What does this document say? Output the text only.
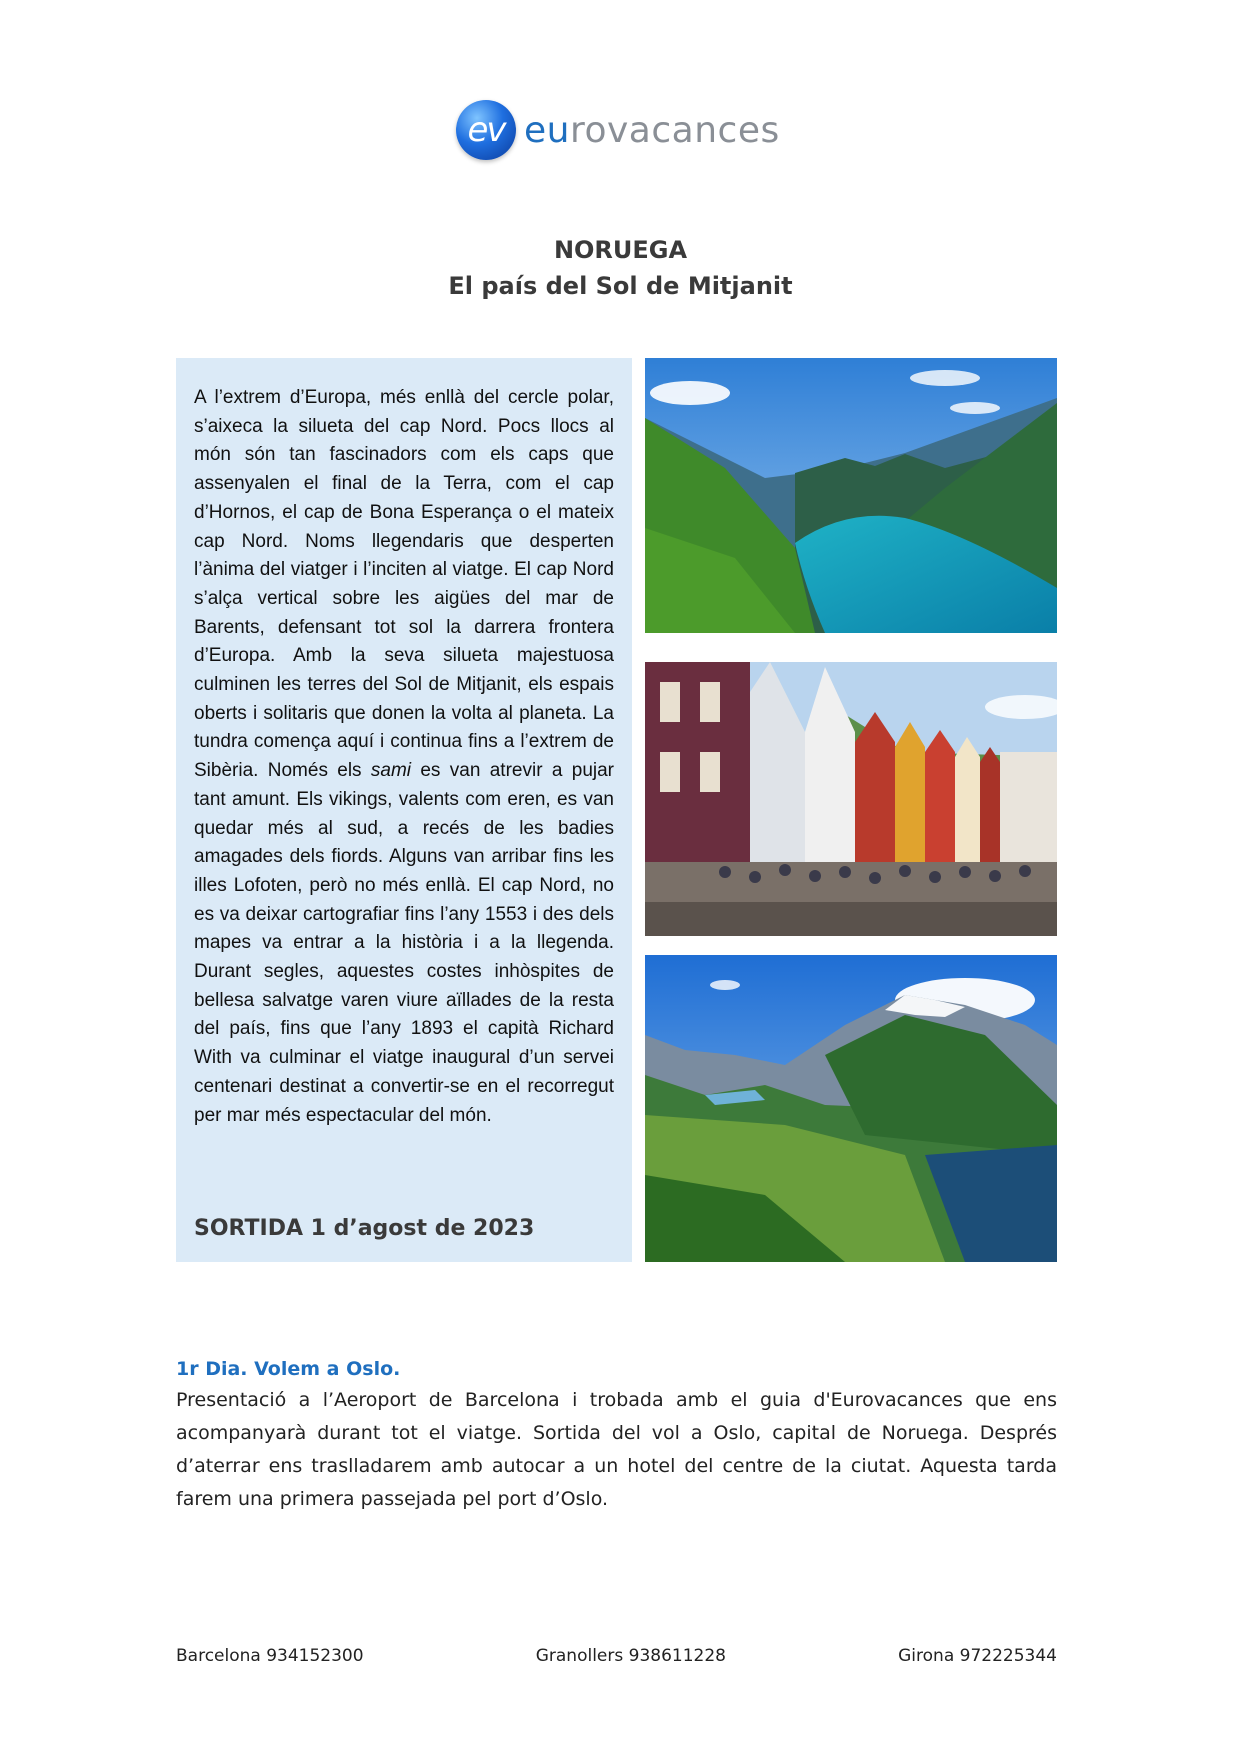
ev eurovacances
NORUEGA
El país del Sol de Mitjanit
A l’extrem d’Europa, més enllà del cercle polar, s’aixeca la silueta del cap Nord. Pocs llocs al món són tan fascinadors com els caps que assenyalen el final de la Terra, com el cap d’Hornos, el cap de Bona Esperança o el mateix cap Nord. Noms llegendaris que desperten l’ànima del viatger i l’inciten al viatge. El cap Nord s’alça vertical sobre les aigües del mar de Barents, defensant tot sol la darrera frontera d’Europa. Amb la seva silueta majestuosa culminen les terres del Sol de Mitjanit, els espais oberts i solitaris que donen la volta al planeta. La tundra comença aquí i continua fins a l’extrem de Sibèria. Només els sami es van atrevir a pujar tant amunt. Els vikings, valents com eren, es van quedar més al sud, a recés de les badies amagades dels fiords. Alguns van arribar fins les illes Lofoten, però no més enllà. El cap Nord, no es va deixar cartografiar fins l’any 1553 i des dels mapes va entrar a la història i a la llegenda. Durant segles, aquestes costes inhòspites de bellesa salvatge varen viure aïllades de la resta del país, fins que l’any 1893 el capità Richard With va culminar el viatge inaugural d’un servei centenari destinat a convertir-se en el recorregut per mar més espectacular del món.
SORTIDA 1 d’agost de 2023
1r Dia. Volem a Oslo.
Presentació a l’Aeroport de Barcelona i trobada amb el guia d'Eurovacances que ens acompanyarà durant tot el viatge. Sortida del vol a Oslo, capital de Noruega. Després d’aterrar ens traslladarem amb autocar a un hotel del centre de la ciutat. Aquesta tarda farem una primera passejada pel port d’Oslo.
Barcelona 934152300	Granollers 938611228	Girona 972225344
